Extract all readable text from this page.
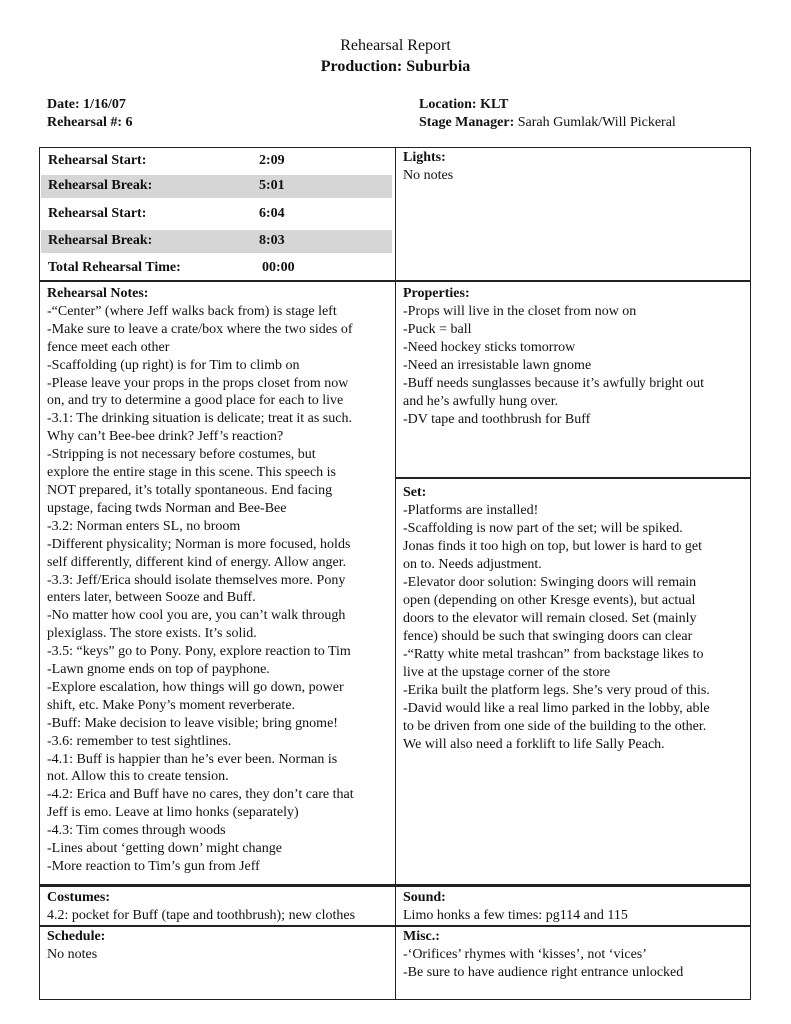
Rehearsal Report
Production: Suburbia
Date: 1/16/07
Rehearsal #: 6
Location: KLT
Stage Manager: Sarah Gumlak/Will Pickeral
Rehearsal Start:	2:09
Rehearsal Break:	5:01
Rehearsal Start:	6:04
Rehearsal Break:	8:03
Total Rehearsal Time:	00:00
Lights:
No notes
Rehearsal Notes:
-“Center” (where Jeff walks back from) is stage left
-Make sure to leave a crate/box where the two sides of
fence meet each other
-Scaffolding (up right) is for Tim to climb on
-Please leave your props in the props closet from now
on, and try to determine a good place for each to live
-3.1: The drinking situation is delicate; treat it as such.
Why can’t Bee-bee drink? Jeff’s reaction?
-Stripping is not necessary before costumes, but
explore the entire stage in this scene. This speech is
NOT prepared, it’s totally spontaneous. End facing
upstage, facing twds Norman and Bee-Bee
-3.2: Norman enters SL, no broom
-Different physicality; Norman is more focused, holds
self differently, different kind of energy. Allow anger.
-3.3: Jeff/Erica should isolate themselves more. Pony
enters later, between Sooze and Buff.
-No matter how cool you are, you can’t walk through
plexiglass. The store exists. It’s solid.
-3.5: “keys” go to Pony. Pony, explore reaction to Tim
-Lawn gnome ends on top of payphone.
-Explore escalation, how things will go down, power
shift, etc. Make Pony’s moment reverberate.
-Buff: Make decision to leave visible; bring gnome!
-3.6: remember to test sightlines.
-4.1: Buff is happier than he’s ever been. Norman is
not. Allow this to create tension.
-4.2: Erica and Buff have no cares, they don’t care that
Jeff is emo. Leave at limo honks (separately)
-4.3: Tim comes through woods
-Lines about ‘getting down’ might change
-More reaction to Tim’s gun from Jeff
Properties:
-Props will live in the closet from now on
-Puck = ball
-Need hockey sticks tomorrow
-Need an irresistable lawn gnome
-Buff needs sunglasses because it’s awfully bright out
and he’s awfully hung over.
-DV tape and toothbrush for Buff
Set:
-Platforms are installed!
-Scaffolding is now part of the set; will be spiked.
Jonas finds it too high on top, but lower is hard to get
on to. Needs adjustment.
-Elevator door solution: Swinging doors will remain
open (depending on other Kresge events), but actual
doors to the elevator will remain closed. Set (mainly
fence) should be such that swinging doors can clear
-“Ratty white metal trashcan” from backstage likes to
live at the upstage corner of the store
-Erika built the platform legs. She’s very proud of this.
-David would like a real limo parked in the lobby, able
to be driven from one side of the building to the other.
We will also need a forklift to life Sally Peach.
Costumes:
4.2: pocket for Buff (tape and toothbrush); new clothes
Sound:
Limo honks a few times: pg114 and 115
Schedule:
No notes
Misc.:
-‘Orifices’ rhymes with ‘kisses’, not ‘vices’
-Be sure to have audience right entrance unlocked
